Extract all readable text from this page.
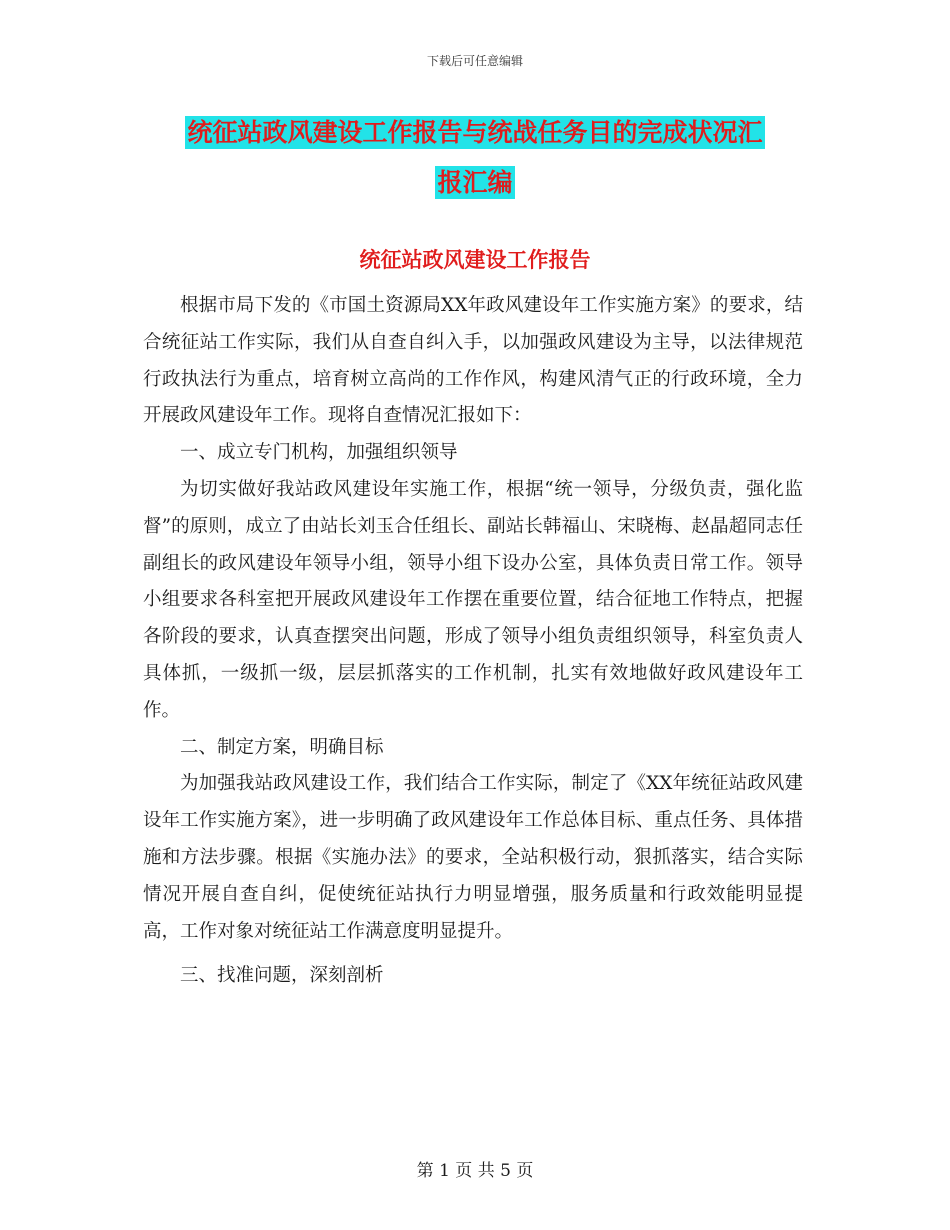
下载后可任意编辑
统征站政风建设工作报告与统战任务目的完成状况汇
报汇编
统征站政风建设工作报告

根据市局下发的《市国土资源局XX年政风建设年工作实施方案》的要求，结合统征站工作实际，我们从自查自纠入手，以加强政风建设为主导，以法律规范行政执法行为重点，培育树立高尚的工作作风，构建风清气正的行政环境，全力开展政风建设年工作。现将自查情况汇报如下：

一、成立专门机构，加强组织领导

为切实做好我站政风建设年实施工作，根据“统一领导，分级负责，强化监督”的原则，成立了由站长刘玉合任组长、副站长韩福山、宋晓梅、赵晶超同志任副组长的政风建设年领导小组，领导小组下设办公室，具体负责日常工作。领导小组要求各科室把开展政风建设年工作摆在重要位置，结合征地工作特点，把握各阶段的要求，认真查摆突出问题，形成了领导小组负责组织领导，科室负责人具体抓，一级抓一级，层层抓落实的工作机制，扎实有效地做好政风建设年工作。

二、制定方案，明确目标

为加强我站政风建设工作，我们结合工作实际，制定了《XX年统征站政风建设年工作实施方案》，进一步明确了政风建设年工作总体目标、重点任务、具体措施和方法步骤。根据《实施办法》的要求，全站积极行动，狠抓落实，结合实际情况开展自查自纠，促使统征站执行力明显增强，服务质量和行政效能明显提高，工作对象对统征站工作满意度明显提升。

三、找准问题，深刻剖析

第 1 页 共 5 页
